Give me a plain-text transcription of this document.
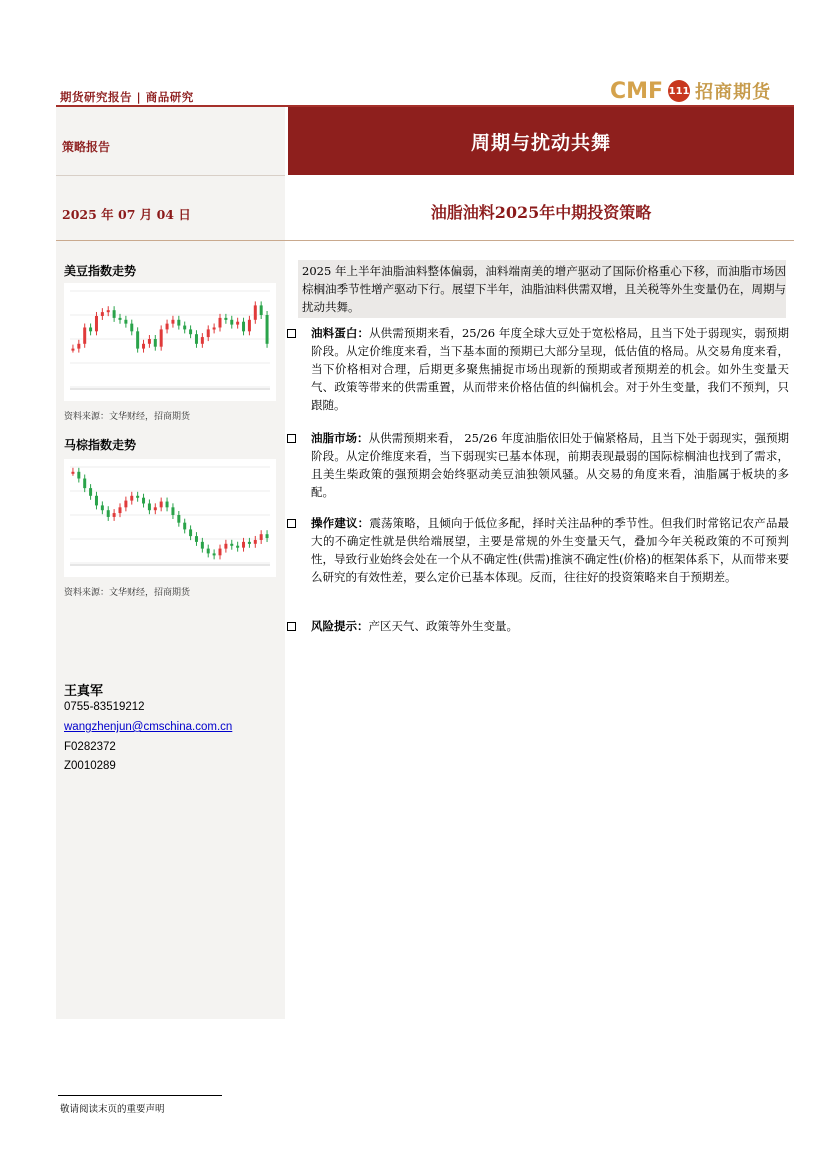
期货研究报告 | 商品研究	CMF 111 招商期货
策略报告
2025 年 07 月 04 日
周期与扰动共舞
油脂油料2025年中期投资策略
美豆指数走势
资料来源：文华财经，招商期货
马棕指数走势
资料来源：文华财经，招商期货
王真军
0755-83519212
wangzhenjun@cmschina.com.cn
F0282372
Z0010289
2025 年上半年油脂油料整体偏弱，油料端南美的增产驱动了国际价格重心下移，而油脂市场因棕榈油季节性增产驱动下行。展望下半年，油脂油料供需双增，且关税等外生变量仍在，周期与扰动共舞。
油料蛋白：从供需预期来看，25/26 年度全球大豆处于宽松格局，且当下处于弱现实，弱预期阶段。从定价维度来看，当下基本面的预期已大部分呈现，低估值的格局。从交易角度来看，当下价格相对合理，后期更多聚焦捕捉市场出现新的预期或者预期差的机会。如外生变量天气、政策等带来的供需重置，从而带来价格估值的纠偏机会。对于外生变量，我们不预判，只跟随。
油脂市场：从供需预期来看， 25/26 年度油脂依旧处于偏紧格局，且当下处于弱现实，强预期阶段。从定价维度来看，当下弱现实已基本体现，前期表现最弱的国际棕榈油也找到了需求，且美生柴政策的强预期会始终驱动美豆油独领风骚。从交易的角度来看，油脂属于板块的多配。
操作建议：震荡策略，且倾向于低位多配，择时关注品种的季节性。但我们时常铭记农产品最大的不确定性就是供给端展望，主要是常规的外生变量天气，叠加今年关税政策的不可预判性，导致行业始终会处在一个从不确定性(供需)推演不确定性(价格)的框架体系下，从而带来要么研究的有效性差，要么定价已基本体现。反而，往往好的投资策略来自于预期差。
风险提示：产区天气、政策等外生变量。
敬请阅读末页的重要声明
